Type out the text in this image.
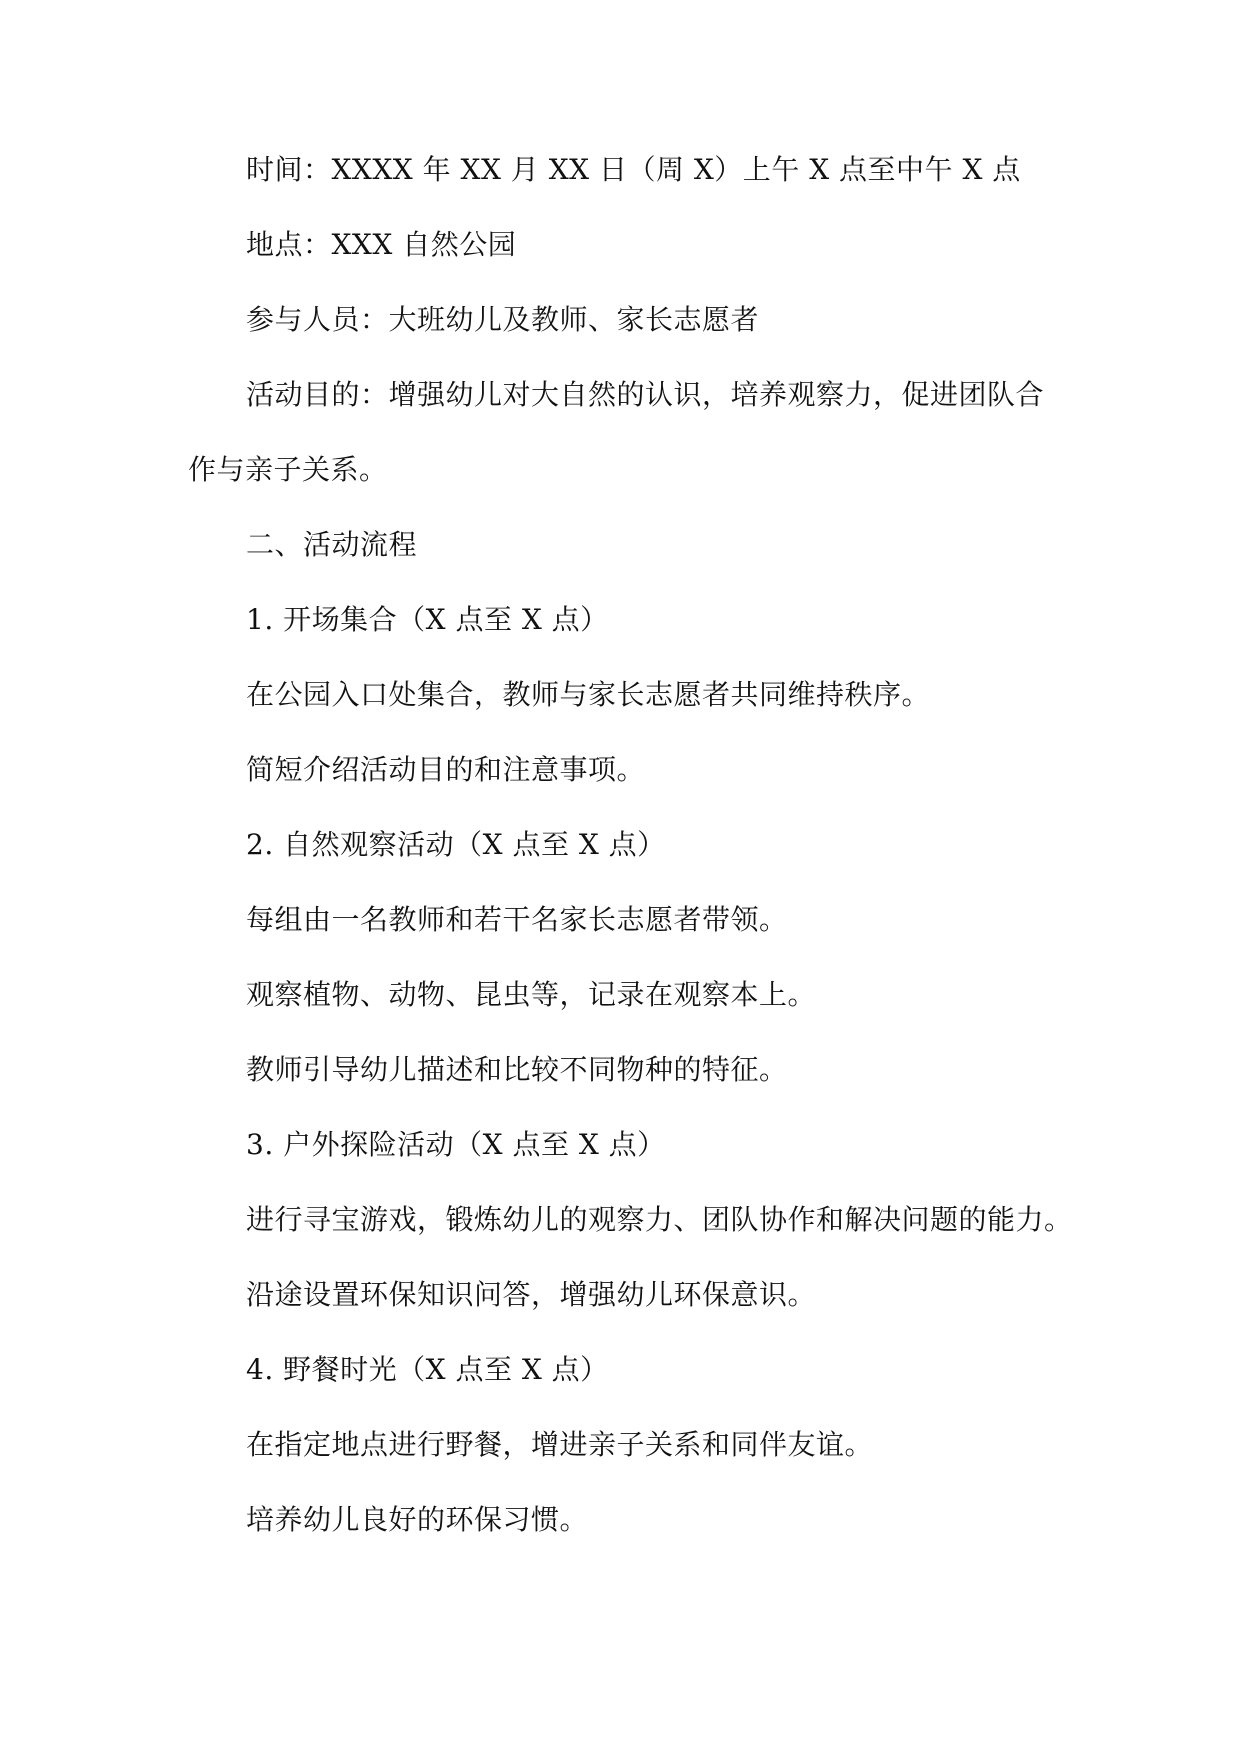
时间：XXXX 年 XX 月 XX 日（周 X）上午 X 点至中午 X 点
地点：XXX 自然公园
参与人员：大班幼儿及教师、家长志愿者
活动目的：增强幼儿对大自然的认识，培养观察力，促进团队合
作与亲子关系。
二、活动流程
1. 开场集合（X 点至 X 点）
在公园入口处集合，教师与家长志愿者共同维持秩序。
简短介绍活动目的和注意事项。
2. 自然观察活动（X 点至 X 点）
每组由一名教师和若干名家长志愿者带领。
观察植物、动物、昆虫等，记录在观察本上。
教师引导幼儿描述和比较不同物种的特征。
3. 户外探险活动（X 点至 X 点）
进行寻宝游戏，锻炼幼儿的观察力、团队协作和解决问题的能力。
沿途设置环保知识问答，增强幼儿环保意识。
4. 野餐时光（X 点至 X 点）
在指定地点进行野餐，增进亲子关系和同伴友谊。
培养幼儿良好的环保习惯。
